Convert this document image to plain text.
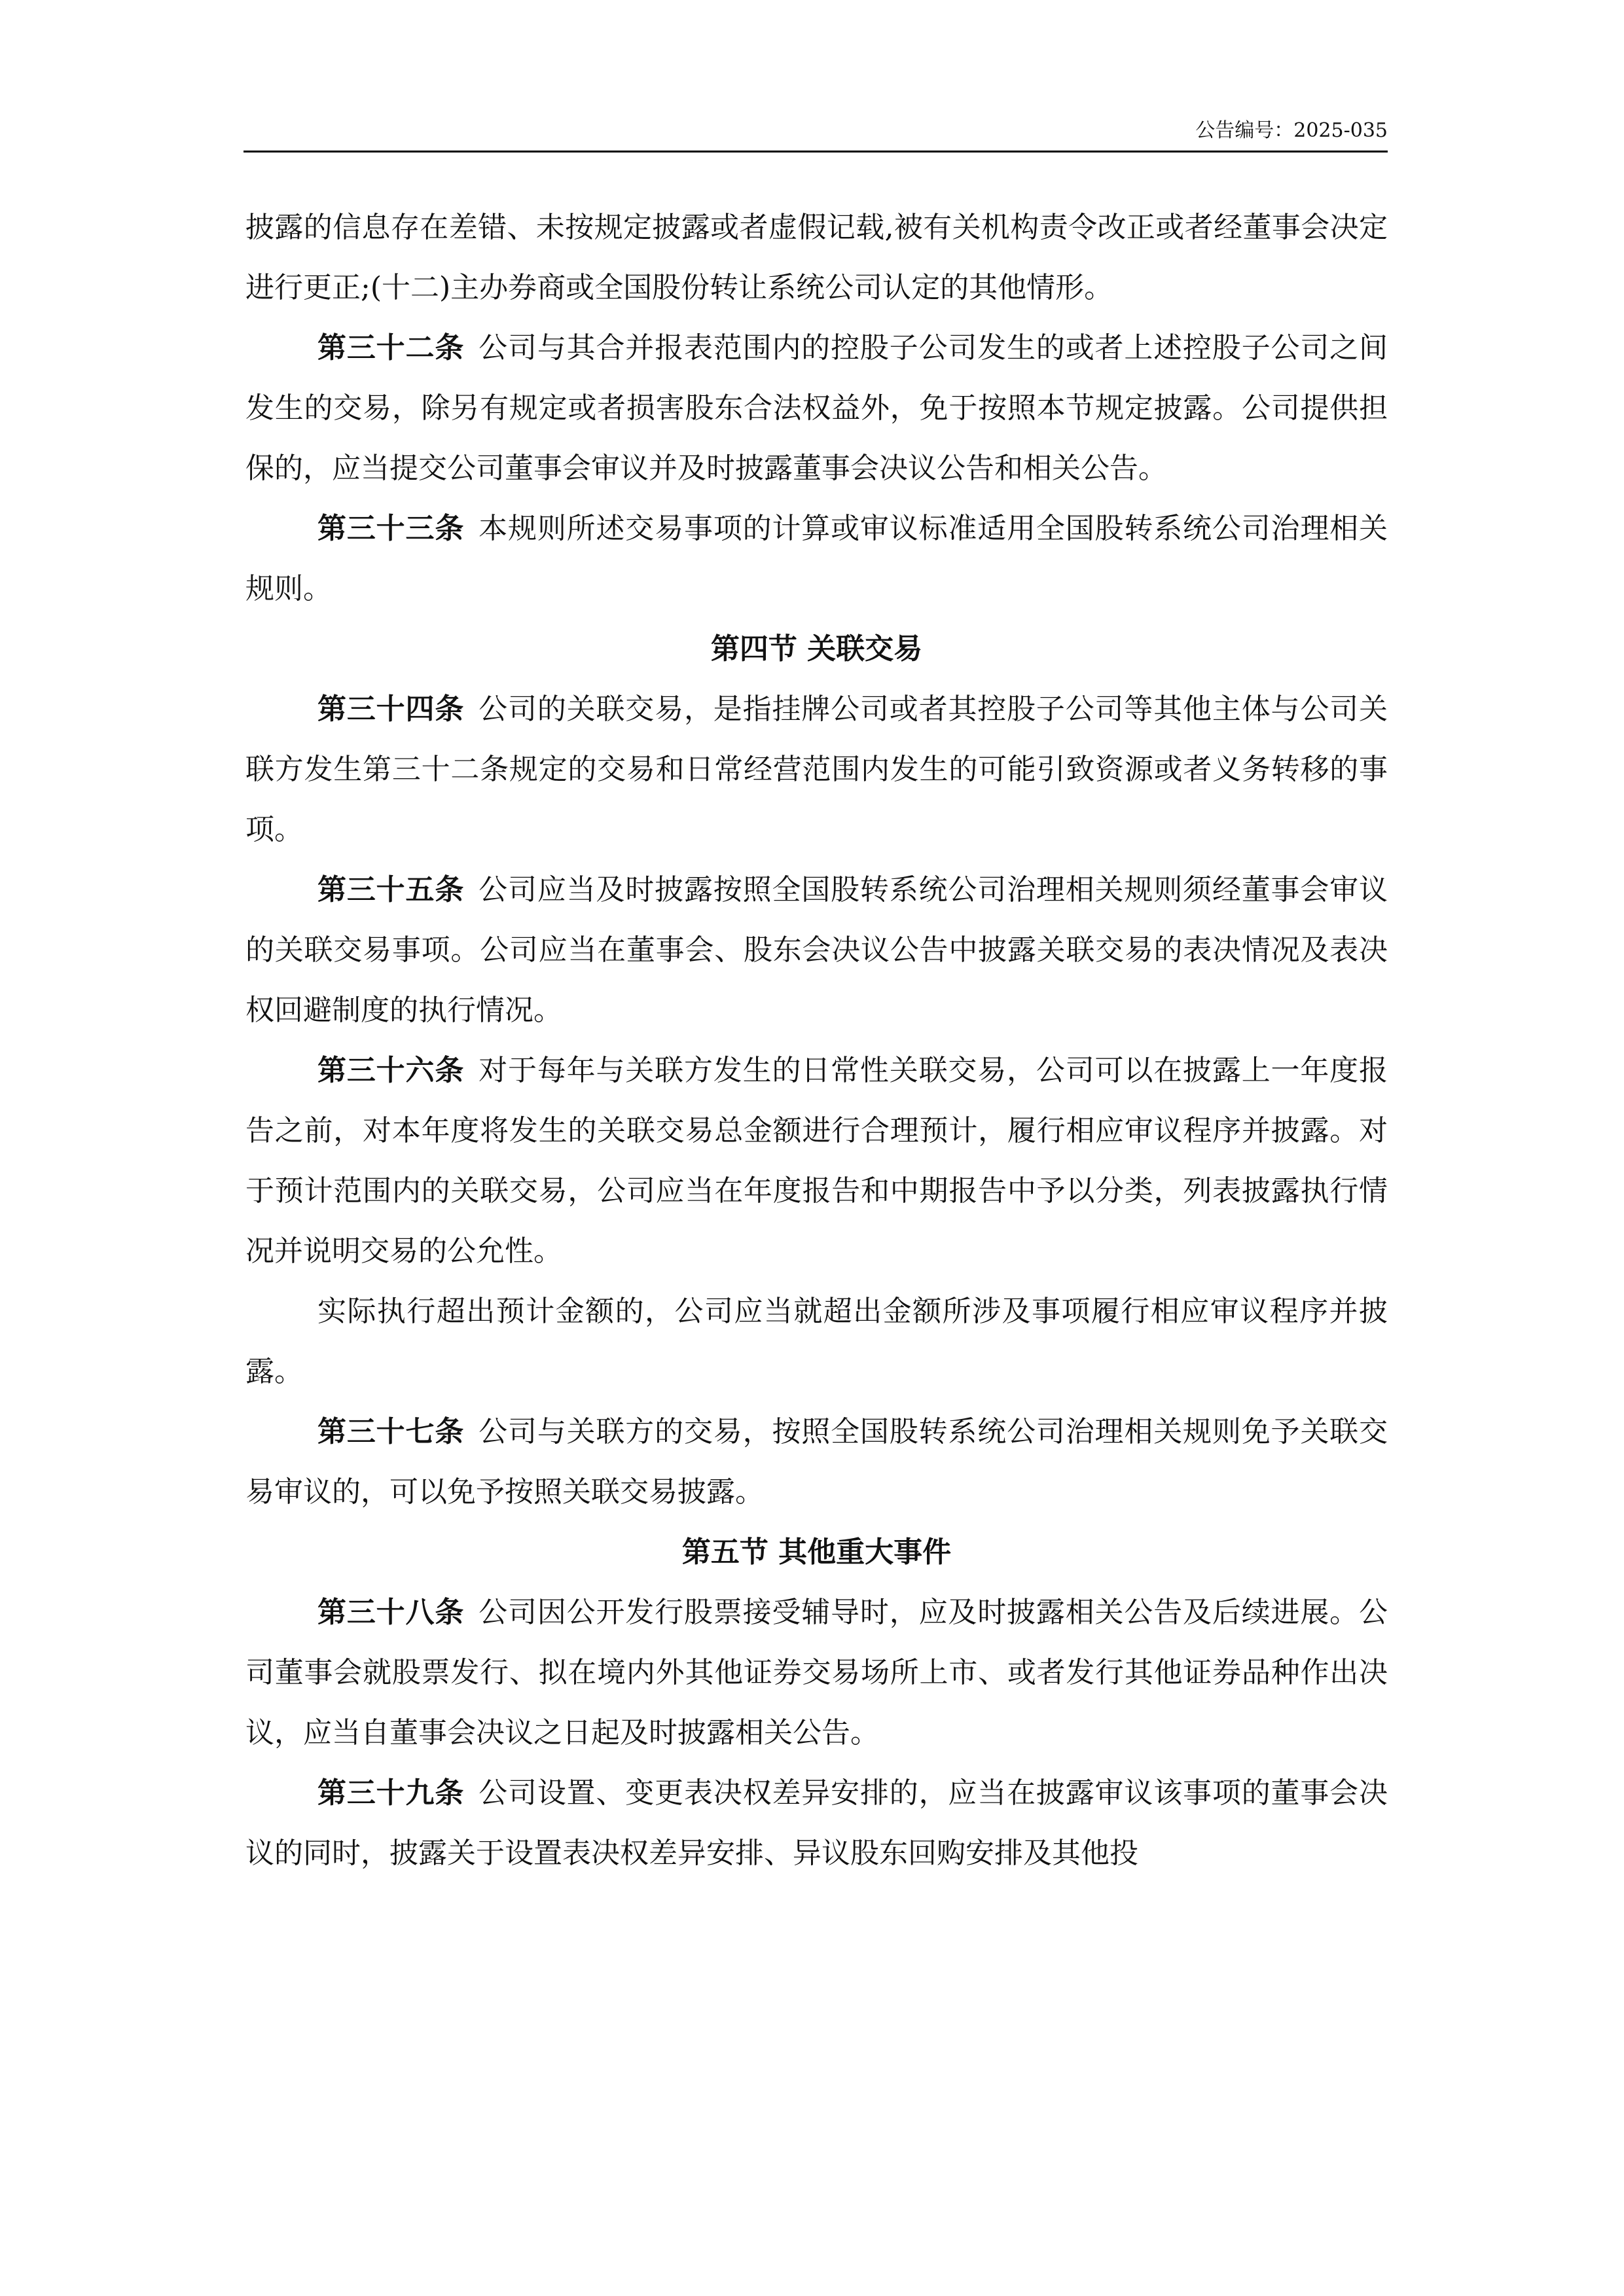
公告编号：2025-035

披露的信息存在差错、未按规定披露或者虚假记载,被有关机构责令改正或者经董事会决定进行更正;(十二)主办券商或全国股份转让系统公司认定的其他情形。

第三十二条 公司与其合并报表范围内的控股子公司发生的或者上述控股子公司之间发生的交易，除另有规定或者损害股东合法权益外，免于按照本节规定披露。公司提供担保的，应当提交公司董事会审议并及时披露董事会决议公告和相关公告。

第三十三条 本规则所述交易事项的计算或审议标准适用全国股转系统公司治理相关规则。

第四节 关联交易

第三十四条 公司的关联交易，是指挂牌公司或者其控股子公司等其他主体与公司关联方发生第三十二条规定的交易和日常经营范围内发生的可能引致资源或者义务转移的事项。

第三十五条 公司应当及时披露按照全国股转系统公司治理相关规则须经董事会审议的关联交易事项。公司应当在董事会、股东会决议公告中披露关联交易的表决情况及表决权回避制度的执行情况。

第三十六条 对于每年与关联方发生的日常性关联交易，公司可以在披露上一年度报告之前，对本年度将发生的关联交易总金额进行合理预计，履行相应审议程序并披露。对于预计范围内的关联交易，公司应当在年度报告和中期报告中予以分类，列表披露执行情况并说明交易的公允性。

实际执行超出预计金额的，公司应当就超出金额所涉及事项履行相应审议程序并披露。

第三十七条 公司与关联方的交易，按照全国股转系统公司治理相关规则免予关联交易审议的，可以免予按照关联交易披露。

第五节 其他重大事件

第三十八条 公司因公开发行股票接受辅导时，应及时披露相关公告及后续进展。公司董事会就股票发行、拟在境内外其他证券交易场所上市、或者发行其他证券品种作出决议，应当自董事会决议之日起及时披露相关公告。

第三十九条 公司设置、变更表决权差异安排的，应当在披露审议该事项的董事会决议的同时，披露关于设置表决权差异安排、异议股东回购安排及其他投
